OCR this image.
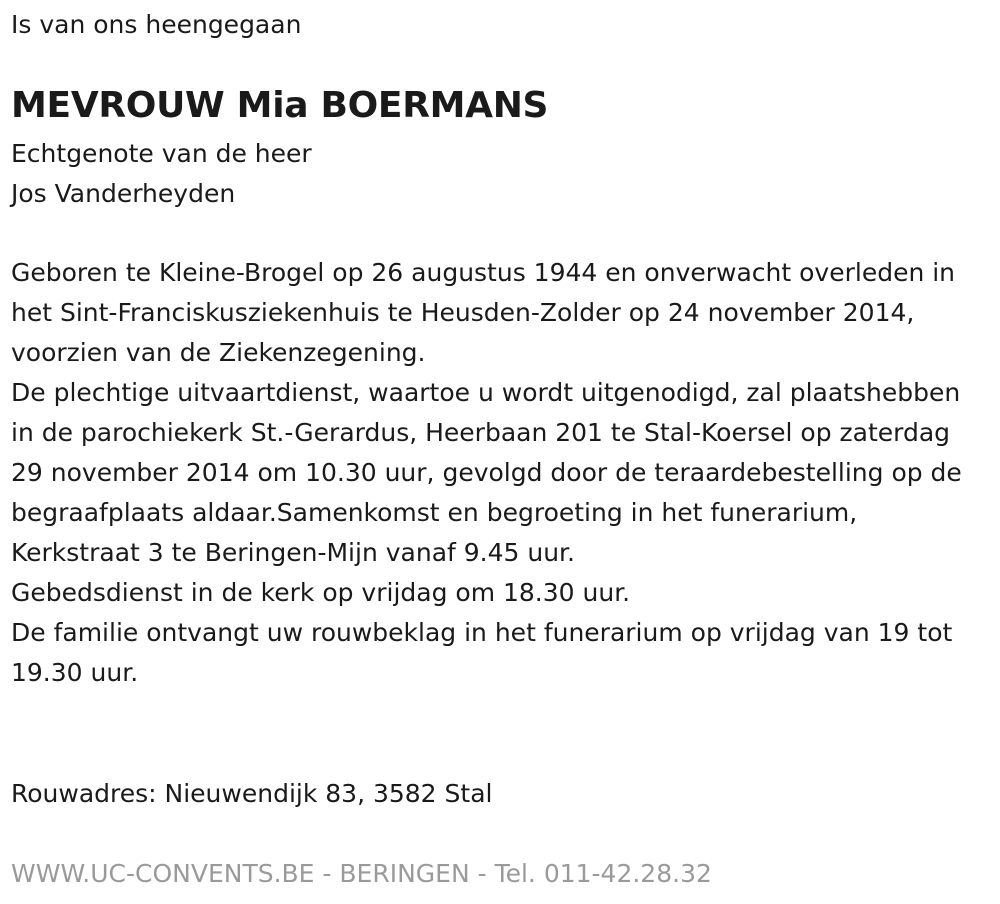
Is van ons heengegaan
MEVROUW Mia BOERMANS
Echtgenote van de heer
Jos Vanderheyden

Geboren te Kleine-Brogel op 26 augustus 1944 en onverwacht overleden in het Sint-Franciskusziekenhuis te Heusden-Zolder op 24 november 2014, voorzien van de Ziekenzegening.

De plechtige uitvaartdienst, waartoe u wordt uitgenodigd, zal plaatshebben in de parochiekerk St.-Gerardus, Heerbaan 201 te Stal-Koersel op zaterdag 29 november 2014 om 10.30 uur, gevolgd door de teraardebestelling op de begraafplaats aldaar.Samenkomst en begroeting in het funerarium, Kerkstraat 3 te Beringen-Mijn vanaf 9.45 uur.

Gebedsdienst in de kerk op vrijdag om 18.30 uur.

De familie ontvangt uw rouwbeklag in het funerarium op vrijdag van 19 tot 19.30 uur.

Rouwadres: Nieuwendijk 83, 3582 Stal
WWW.UC-CONVENTS.BE - BERINGEN - Tel. 011-42.28.32
